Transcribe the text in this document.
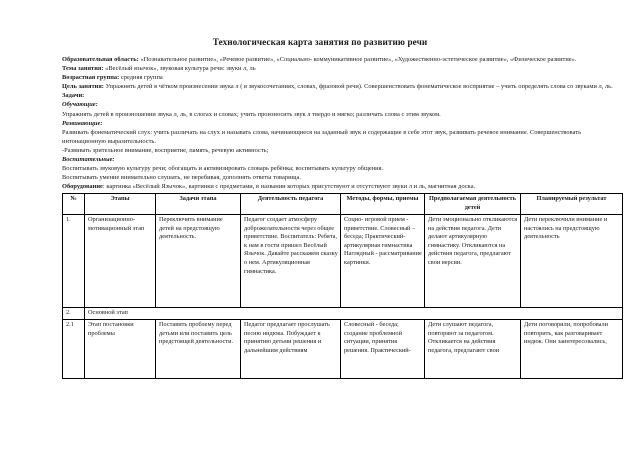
Технологическая карта занятия по развитию речи

Образовательная область: «Познавательное развитие», «Речевое развитие», «Социально- коммуникативное развитие», «Художественно-эстетическое развитие», «Физическое развитие».

Тема занятия: «Весёлый язычок», звуковая культура речи: звуки л, ль

Возрастная группа: средняя группа

Цель занятия: Упражнять детей в чётком произнесении звука л ( в звукосочетаниях, словах, фразовой речи). Совершенствовать фонематическое восприятие – учить определять слова со звуками л, ль.

Задачи:

Обучающие:

Упражнять детей в произношении звука л, ль, в слогах и словах; учить произносить звук л твердо и мягко; различать слова с этим звуком.

Развивающие:

Развивать фонематический слух: учить различать на слух и называть слова, начинающиеся на заданный звук и содержащие в себе этот звук, развивать речевое внимание. Совершенствовать интонационную выразительность.

-Развивать зрительное внимание, восприятие, память, речевую активность;

Воспитательные:

Воспитывать звуковую культуру речи; обогащать и активизировать словарь ребёнка; воспитывать культуру общения.

Воспитывать умение внимательно слушать, не перебивая, дополнять ответы товарища.

Оборудование: картинка «Весёлый Язычок», картинки с предметами, в названии которых присутствуют и отсутствуют звуки л и ль, магнитная доска.

№	Этапы	Задачи этапа	Деятельность педагога	Методы, формы, приемы	Предполагаемая деятельность детей	Планируемый результат
1.	Организационно-мотивационный этап	Переключить внимание детей на предстоящую деятельность.	Педагог создает атмосферу доброжелательности через общее приветствие. Воспитатель: Ребята, к нам в гости пришел Весёлый Язычок. Давайте расскажем сказку о нем. Артикуляционная гимнастика.	Социо- игровой прием - приветствие. Словесный – беседа; Практический-артикулярная гимнастика Наглядный - рассматривание картинки.	Дети эмоционально откликаются на действия педагога. Дети делают артикулярную гимнастику. Откликаются на действия педагога, предлагают свои версии.	Дети переключили внимание и настоялись на предстоящую деятельность
2.	Основной этап					
2.1	Этап постановки проблемы	Поставить проблему перед детьми или поставить цель предстоящей деятельности.	Педагог предлагает прослушать песню индюка. Побуждает к принятию детьми решения и дальнейшим действиям	Словесный - беседа; создание проблемной ситуации, принятия решения. Практический-	Дети слушают педагога, повторяют за педагогом. Откликается на действия педагога, предлагают свои	Дети поговорили, попробовали повторить, как разговаривает индюк. Они заинтересовались,
